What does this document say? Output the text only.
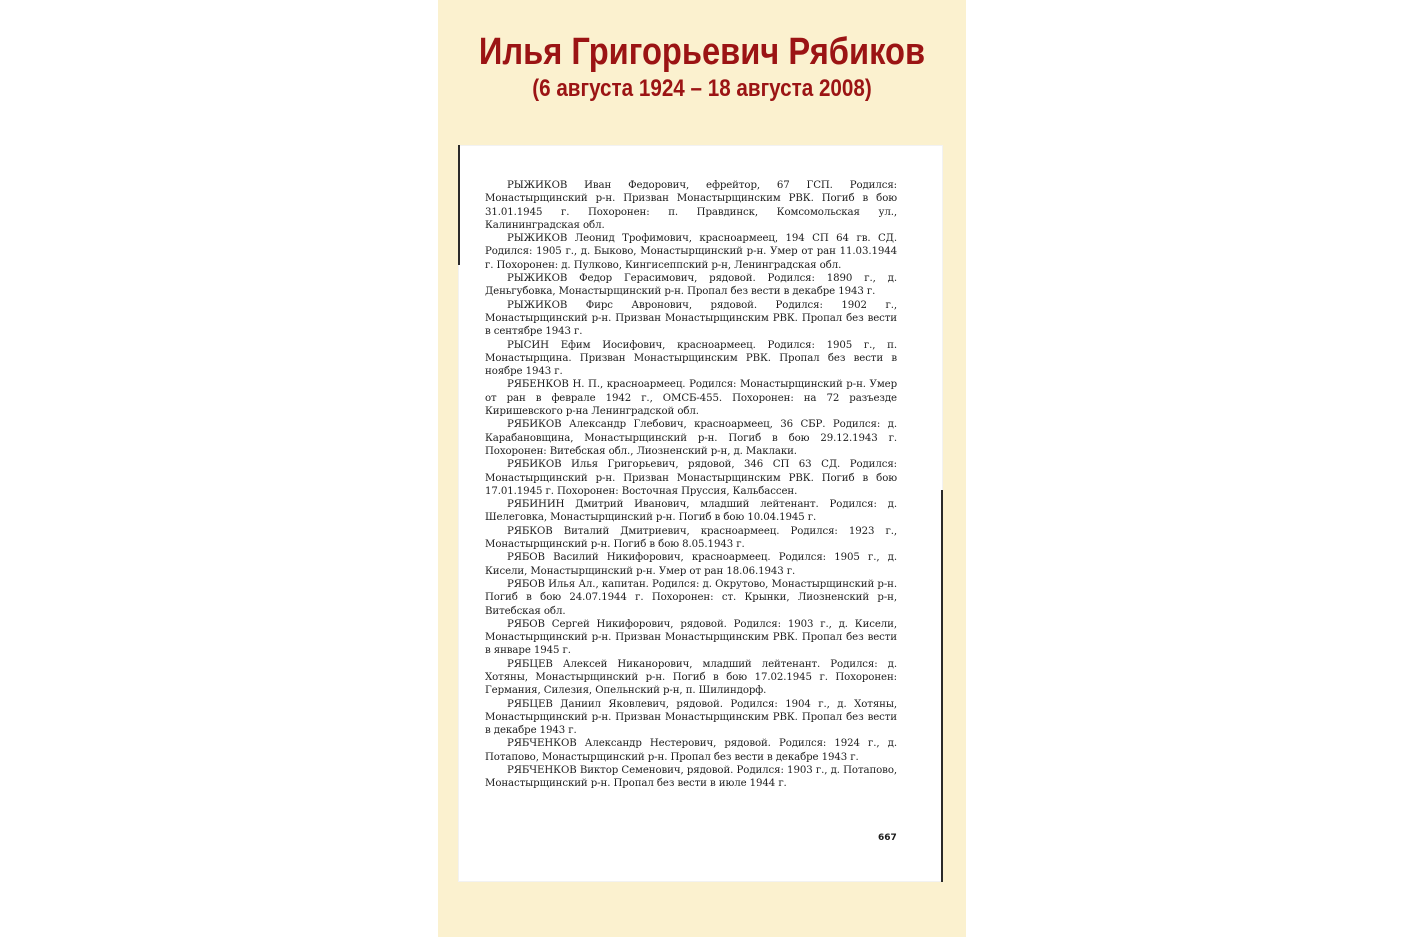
Илья Григорьевич Рябиков
(6 августа 1924 – 18 августа 2008)

РЫЖИКОВ Иван Федорович, ефрейтор, 67 ГСП. Родился: Монастырщинский р-н. Призван Монастырщинским РВК. Погиб в бою 31.01.1945 г. Похоронен: п. Правдинск, Комсомольская ул., Калининградская обл.

РЫЖИКОВ Леонид Трофимович, красноармеец, 194 СП 64 гв. СД. Родился: 1905 г., д. Быково, Монастырщинский р-н. Умер от ран 11.03.1944 г. Похоронен: д. Пулково, Кингисеппский р-н, Ленинградская обл.

РЫЖИКОВ Федор Герасимович, рядовой. Родился: 1890 г., д. Деньгубовка, Монастырщинский р-н. Пропал без вести в декабре 1943 г.

РЫЖИКОВ Фирс Авронович, рядовой. Родился: 1902 г., Монастырщинский р-н. Призван Монастырщинским РВК. Пропал без вести в сентябре 1943 г.

РЫСИН Ефим Иосифович, красноармеец. Родился: 1905 г., п. Монастырщина. Призван Монастырщинским РВК. Пропал без вести в ноябре 1943 г.

РЯБЕНКОВ Н. П., красноармеец. Родился: Монастырщинский р-н. Умер от ран в феврале 1942 г., ОМСБ-455. Похоронен: на 72 разъезде Киришевского р-на Ленинградской обл.

РЯБИКОВ Александр Глебович, красноармеец, 36 СБР. Родился: д. Карабановщина, Монастырщинский р-н. Погиб в бою 29.12.1943 г. Похоронен: Витебская обл., Лиозненский р-н, д. Маклаки.

РЯБИКОВ Илья Григорьевич, рядовой, 346 СП 63 СД. Родился: Монастырщинский р-н. Призван Монастырщинским РВК. Погиб в бою 17.01.1945 г. Похоронен: Восточная Пруссия, Кальбассен.

РЯБИНИН Дмитрий Иванович, младший лейтенант. Родился: д. Шелеговка, Монастырщинский р-н. Погиб в бою 10.04.1945 г.

РЯБКОВ Виталий Дмитриевич, красноармеец. Родился: 1923 г., Монастырщинский р-н. Погиб в бою 8.05.1943 г.

РЯБОВ Василий Никифорович, красноармеец. Родился: 1905 г., д. Кисели, Монастырщинский р-н. Умер от ран 18.06.1943 г.

РЯБОВ Илья Ал., капитан. Родился: д. Окрутово, Монастырщинский р-н. Погиб в бою 24.07.1944 г. Похоронен: ст. Крынки, Лиозненский р-н, Витебская обл.

РЯБОВ Сергей Никифорович, рядовой. Родился: 1903 г., д. Кисели, Монастырщинский р-н. Призван Монастырщинским РВК. Пропал без вести в январе 1945 г.

РЯБЦЕВ Алексей Никанорович, младший лейтенант. Родился: д. Хотяны, Монастырщинский р-н. Погиб в бою 17.02.1945 г. Похоронен: Германия, Силезия, Опельнский р-н, п. Шилиндорф.

РЯБЦЕВ Даниил Яковлевич, рядовой. Родился: 1904 г., д. Хотяны, Монастырщинский р-н. Призван Монастырщинским РВК. Пропал без вести в декабре 1943 г.

РЯБЧЕНКОВ Александр Нестерович, рядовой. Родился: 1924 г., д. Потапово, Монастырщинский р-н. Пропал без вести в декабре 1943 г.

РЯБЧЕНКОВ Виктор Семенович, рядовой. Родился: 1903 г., д. Потапово, Монастырщинский р-н. Пропал без вести в июле 1944 г.

667
